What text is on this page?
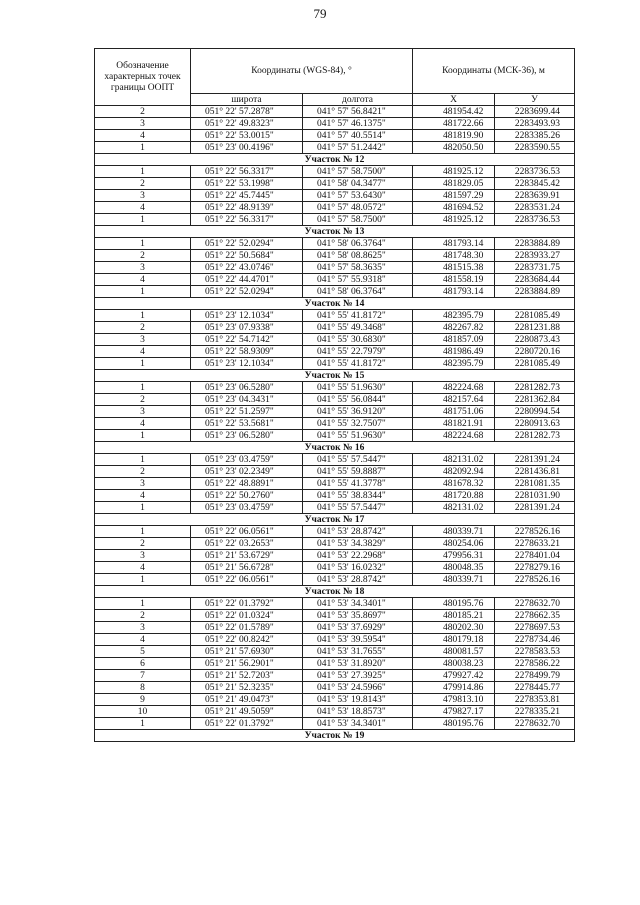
79
Обозначение характерных точек границы ООПТ	Координаты (WGS-84), °		Координаты (МСК-36), м	
	широта	долгота	X	У
2	051° 22' 57.2878"	041° 57' 56.8421"	481954.42	2283699.44
3	051° 22' 49.8323"	041° 57' 46.1375"	481722.66	2283493.93
4	051° 22' 53.0015"	041° 57' 40.5514"	481819.90	2283385.26
1	051° 23' 00.4196"	041° 57' 51.2442"	482050.50	2283590.55
Участок № 12				
1	051° 22' 56.3317"	041° 57' 58.7500"	481925.12	2283736.53
2	051° 22' 53.1998"	041° 58' 04.3477"	481829.05	2283845.42
3	051° 22' 45.7445"	041° 57' 53.6430"	481597.29	2283639.91
4	051° 22' 48.9139"	041° 57' 48.0572"	481694.52	2283531.24
1	051° 22' 56.3317"	041° 57' 58.7500"	481925.12	2283736.53
Участок № 13				
1	051° 22' 52.0294"	041° 58' 06.3764"	481793.14	2283884.89
2	051° 22' 50.5684"	041° 58' 08.8625"	481748.30	2283933.27
3	051° 22' 43.0746"	041° 57' 58.3635"	481515.38	2283731.75
4	051° 22' 44.4701"	041° 57' 55.9318"	481558.19	2283684.44
1	051° 22' 52.0294"	041° 58' 06.3764"	481793.14	2283884.89
Участок № 14				
1	051° 23' 12.1034"	041° 55' 41.8172"	482395.79	2281085.49
2	051° 23' 07.9338"	041° 55' 49.3468"	482267.82	2281231.88
3	051° 22' 54.7142"	041° 55' 30.6830"	481857.09	2280873.43
4	051° 22' 58.9309"	041° 55' 22.7979"	481986.49	2280720.16
1	051° 23' 12.1034"	041° 55' 41.8172"	482395.79	2281085.49
Участок № 15				
1	051° 23' 06.5280"	041° 55' 51.9630"	482224.68	2281282.73
2	051° 23' 04.3431"	041° 55' 56.0844"	482157.64	2281362.84
3	051° 22' 51.2597"	041° 55' 36.9120"	481751.06	2280994.54
4	051° 22' 53.5681"	041° 55' 32.7507"	481821.91	2280913.63
1	051° 23' 06.5280"	041° 55' 51.9630"	482224.68	2281282.73
Участок № 16				
1	051° 23' 03.4759"	041° 55' 57.5447"	482131.02	2281391.24
2	051° 23' 02.2349"	041° 55' 59.8887"	482092.94	2281436.81
3	051° 22' 48.8891"	041° 55' 41.3778"	481678.32	2281081.35
4	051° 22' 50.2760"	041° 55' 38.8344"	481720.88	2281031.90
1	051° 23' 03.4759"	041° 55' 57.5447"	482131.02	2281391.24
Участок № 17				
1	051° 22' 06.0561"	041° 53' 28.8742"	480339.71	2278526.16
2	051° 22' 03.2653"	041° 53' 34.3829"	480254.06	2278633.21
3	051° 21' 53.6729"	041° 53' 22.2968"	479956.31	2278401.04
4	051° 21' 56.6728"	041° 53' 16.0232"	480048.35	2278279.16
1	051° 22' 06.0561"	041° 53' 28.8742"	480339.71	2278526.16
Участок № 18				
1	051° 22' 01.3792"	041° 53' 34.3401"	480195.76	2278632.70
2	051° 22' 01.0324"	041° 53' 35.8697"	480185.21	2278662.35
3	051° 22' 01.5789"	041° 53' 37.6929"	480202.30	2278697.53
4	051° 22' 00.8242"	041° 53' 39.5954"	480179.18	2278734.46
5	051° 21' 57.6930"	041° 53' 31.7655"	480081.57	2278583.53
6	051° 21' 56.2901"	041° 53' 31.8920"	480038.23	2278586.22
7	051° 21' 52.7203"	041° 53' 27.3925"	479927.42	2278499.79
8	051° 21' 52.3235"	041° 53' 24.5966"	479914.86	2278445.77
9	051° 21' 49.0473"	041° 53' 19.8143"	479813.10	2278353.81
10	051° 21' 49.5059"	041° 53' 18.8573"	479827.17	2278335.21
1	051° 22' 01.3792"	041° 53' 34.3401"	480195.76	2278632.70
Участок № 19				
